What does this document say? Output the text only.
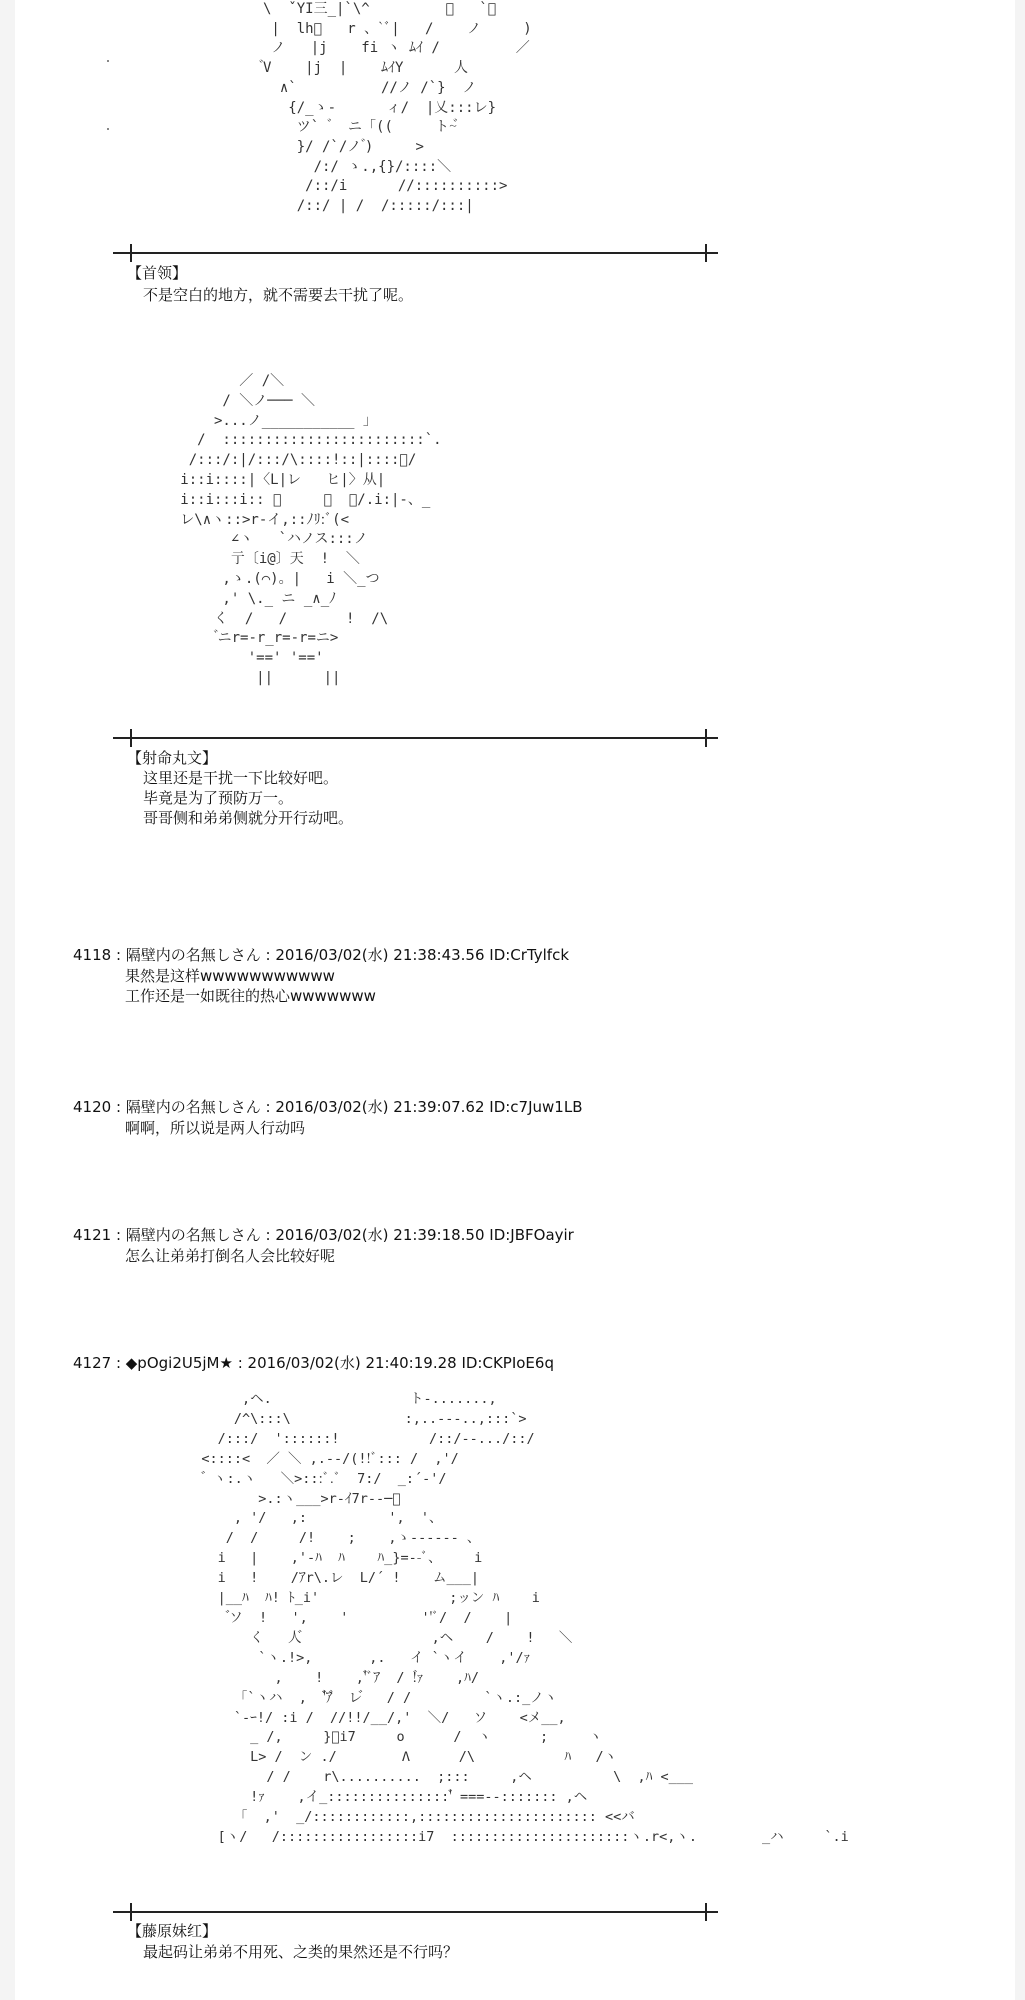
\  ˇYI三_|`\^         ゙   `、
|  lh゙   r 、`ﾞ|   /    ノ     )
ノ   |j    fi ヽ ﾑｲ /         ／
゙V    |j  |    ﾑｲY      人
∧`          //ノ /`}  ノ
{/_ゝ-      ィ/  |乂:::レ}
ツ`  ゙  ニ「((     ト~゙
}/ /`/ノ ゙)     >
/:/ ゝ.,{}/::::＼
/::/i      //::::::::::>
/::/ | /  /:::::/:::|
【首领】
不是空白的地方，就不需要去干扰了呢。
／ /＼
/ ＼ノ─── ＼
>...ノ___________ 」
/  ::::::::::::::::::::::::`.
/:::/:|/:::/\::::!::|::::ﾞ/
i::i::::|〈L|レ   ヒ|〉从|
i::i:::i:: ゙     ー  ゙/.i:|-、_
レ\∧ヽ::>r-イ,::ﾉﾘ:ﾞ(<
∠ヽ   `ハノス:::ノ
亍〔i@〕天  !  ＼
,ゝ.(⌒)。|   i ＼_つ
,' \._ ニ _∧_ﾉ
く  /   /       !  /\
゙ニr=-r_r=-r=ニ>
'==' '=='
||      ||
【射命丸文】
这里还是干扰一下比较好吧。
毕竟是为了预防万一。
哥哥侧和弟弟侧就分开行动吧。
4118 : 隔壁内の名無しさん : 2016/03/02(水) 21:38:43.56 ID:CrTylfck
果然是这样wwwwwwwwwww
工作还是一如既往的热心wwwwwww
4120 : 隔壁内の名無しさん : 2016/03/02(水) 21:39:07.62 ID:c7Juw1LB
啊啊，所以说是两人行动吗
4121 : 隔壁内の名無しさん : 2016/03/02(水) 21:39:18.50 ID:JBFOayir
怎么让弟弟打倒名人会比较好呢
4127 : ◆pOgi2U5jM★ : 2016/03/02(水) 21:40:19.28 ID:CKPIoE6q
,ヘ.                 ト-.......,
/^\:::\              :,..-‐-..,:::`>
/:::/  '::::::!           /::/‐-.../::/
<::::<  ／ ＼ ,.-‐/(!!ﾞ::: /  ,'/
゙ ヽ:.ヽ   ＼>:::ﾞ.ﾞ  7:/  _:´-'/
>.:ヽ___>r-ｲ7r--─゙
, '/   ,:          ',  '、
/  /     /!    ;    ,ゝ-‐-‐-- 、
i   |    ,'-ﾊ  ﾊ    ﾊ_}=--ﾞ、    i
i   !    /ｱr\.レ  L/´ !    ム___|
|__ﾊ  ﾊ! ﾄ_i'                ;ッン ﾊ    i
゙ソ  !   ',    '         ''ﾞ/  /    |
く   人゙                ,ヘ    /    !   ＼
`ヽ.!>,       ,.   イ `ヽイ    ,'/ｧ
,    !    ,'゙ﾞｱ  / !゙ｧ    ,ﾊ/
「`ヽハ  ,  '゙゙ｱ゙  レ゙   / /         `ヽ.:_ノヽ
`-ｰ!/ :i /  //!!/__/,'  ＼/   ソ    <メ__,
_ /,     }ﾞi7     o      /  ヽ      ;     ヽ
L> /  ン ./        Λ      /\           ﾊ   /ヽ
/ /    r\..........  ;:::     ,ヘ          \  ,ﾊ <___
!ｧ    ,イ_:::::::::::::::'゙ ===--::::::: ,ヘ
「  ,'  _/::::::::::::,:::::::::::::::::::::: <<バ
[ヽ/   /:::::::::::::::::i7  ::::::::::::::::::::::ヽ.r<,ヽ.        _ハ     `.i
【藤原妹红】
最起码让弟弟不用死、之类的果然还是不行吗？
